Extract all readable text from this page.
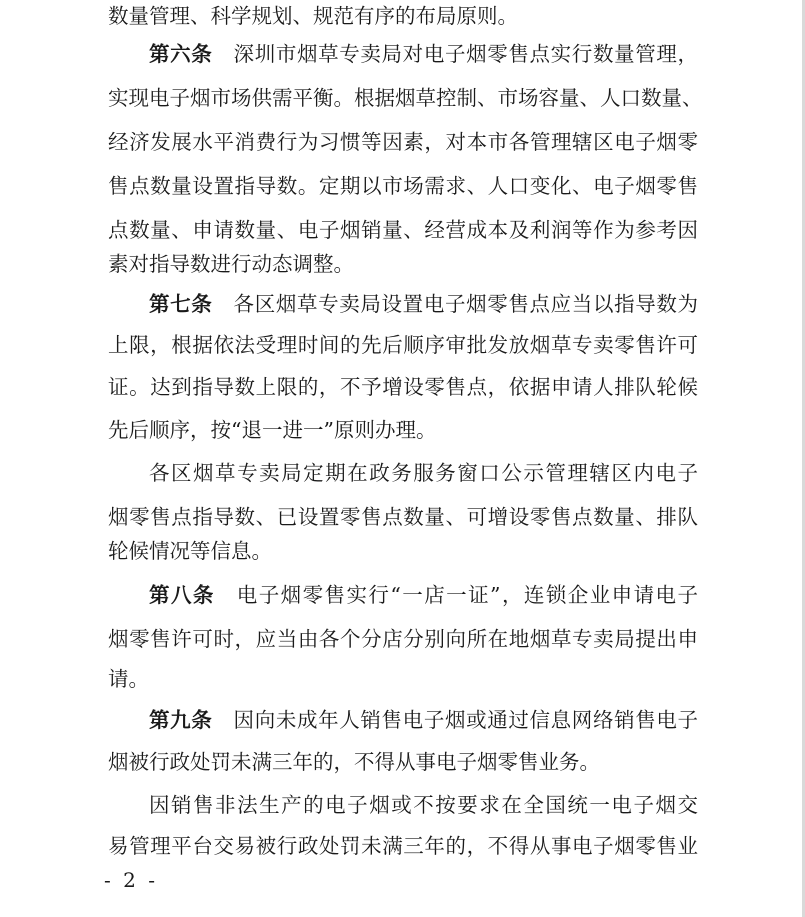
数量管理、科学规划、规范有序的布局原则。
第六条  深圳市烟草专卖局对电子烟零售点实行数量管理，
实现电子烟市场供需平衡。根据烟草控制、市场容量、人口数量、
经济发展水平消费行为习惯等因素，对本市各管理辖区电子烟零
售点数量设置指导数。定期以市场需求、人口变化、电子烟零售
点数量、申请数量、电子烟销量、经营成本及利润等作为参考因
素对指导数进行动态调整。
第七条  各区烟草专卖局设置电子烟零售点应当以指导数为
上限，根据依法受理时间的先后顺序审批发放烟草专卖零售许可
证。达到指导数上限的，不予增设零售点，依据申请人排队轮候
先后顺序，按“退一进一”原则办理。
各区烟草专卖局定期在政务服务窗口公示管理辖区内电子
烟零售点指导数、已设置零售点数量、可增设零售点数量、排队
轮候情况等信息。
第八条  电子烟零售实行“一店一证”，连锁企业申请电子
烟零售许可时，应当由各个分店分别向所在地烟草专卖局提出申
请。
第九条  因向未成年人销售电子烟或通过信息网络销售电子
烟被行政处罚未满三年的，不得从事电子烟零售业务。
因销售非法生产的电子烟或不按要求在全国统一电子烟交
易管理平台交易被行政处罚未满三年的，不得从事电子烟零售业
- 2 -
